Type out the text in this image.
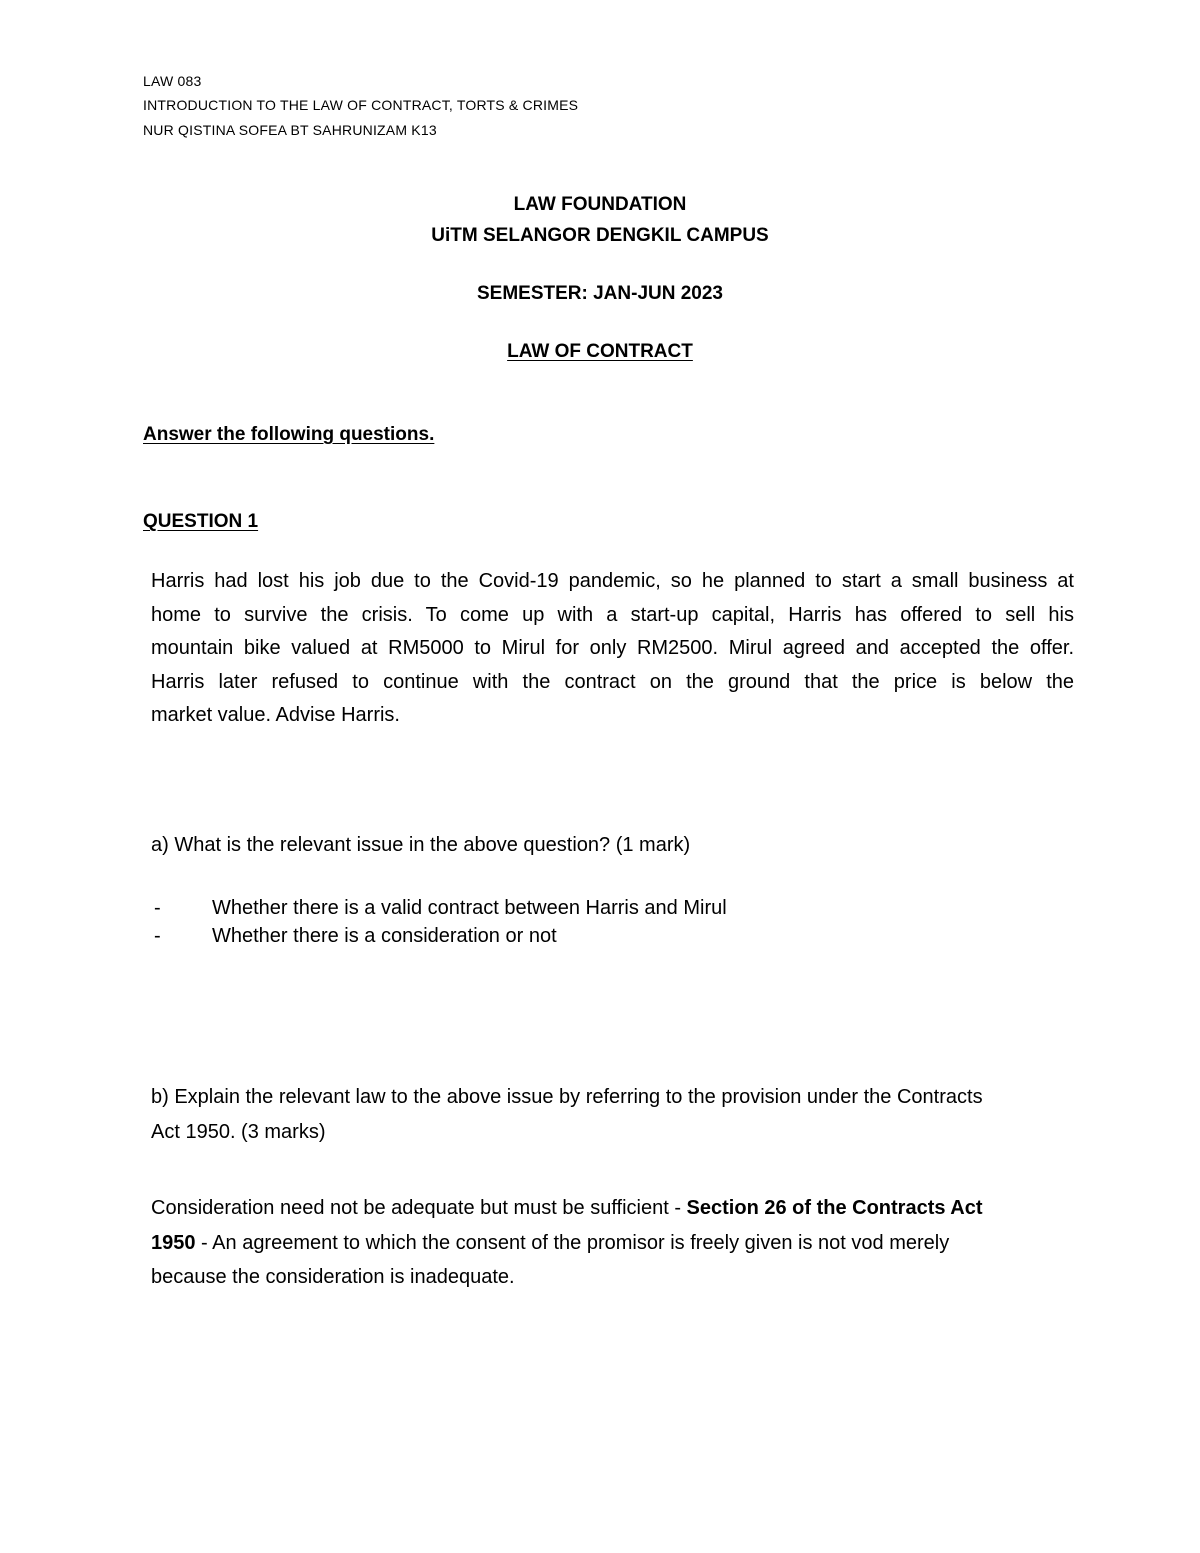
LAW 083
INTRODUCTION TO THE LAW OF CONTRACT, TORTS & CRIMES
NUR QISTINA SOFEA BT SAHRUNIZAM K13
LAW FOUNDATION
UiTM SELANGOR DENGKIL CAMPUS
SEMESTER: JAN-JUN 2023
LAW OF CONTRACT
Answer the following questions.
QUESTION 1
Harris had lost his job due to the Covid-19 pandemic, so he planned to start a small business at
home to survive the crisis. To come up with a start-up capital, Harris has offered to sell his
mountain bike valued at RM5000 to Mirul for only RM2500. Mirul agreed and accepted the offer.
Harris later refused to continue with the contract on the ground that the price is below the
market value. Advise Harris.
a) What is the relevant issue in the above question? (1 mark)
-	Whether there is a valid contract between Harris and Mirul
-	Whether there is a consideration or not
b) Explain the relevant law to the above issue by referring to the provision under the Contracts
Act 1950. (3 marks)
Consideration need not be adequate but must be sufficient - Section 26 of the Contracts Act
1950 - An agreement to which the consent of the promisor is freely given is not vod merely
because the consideration is inadequate.
